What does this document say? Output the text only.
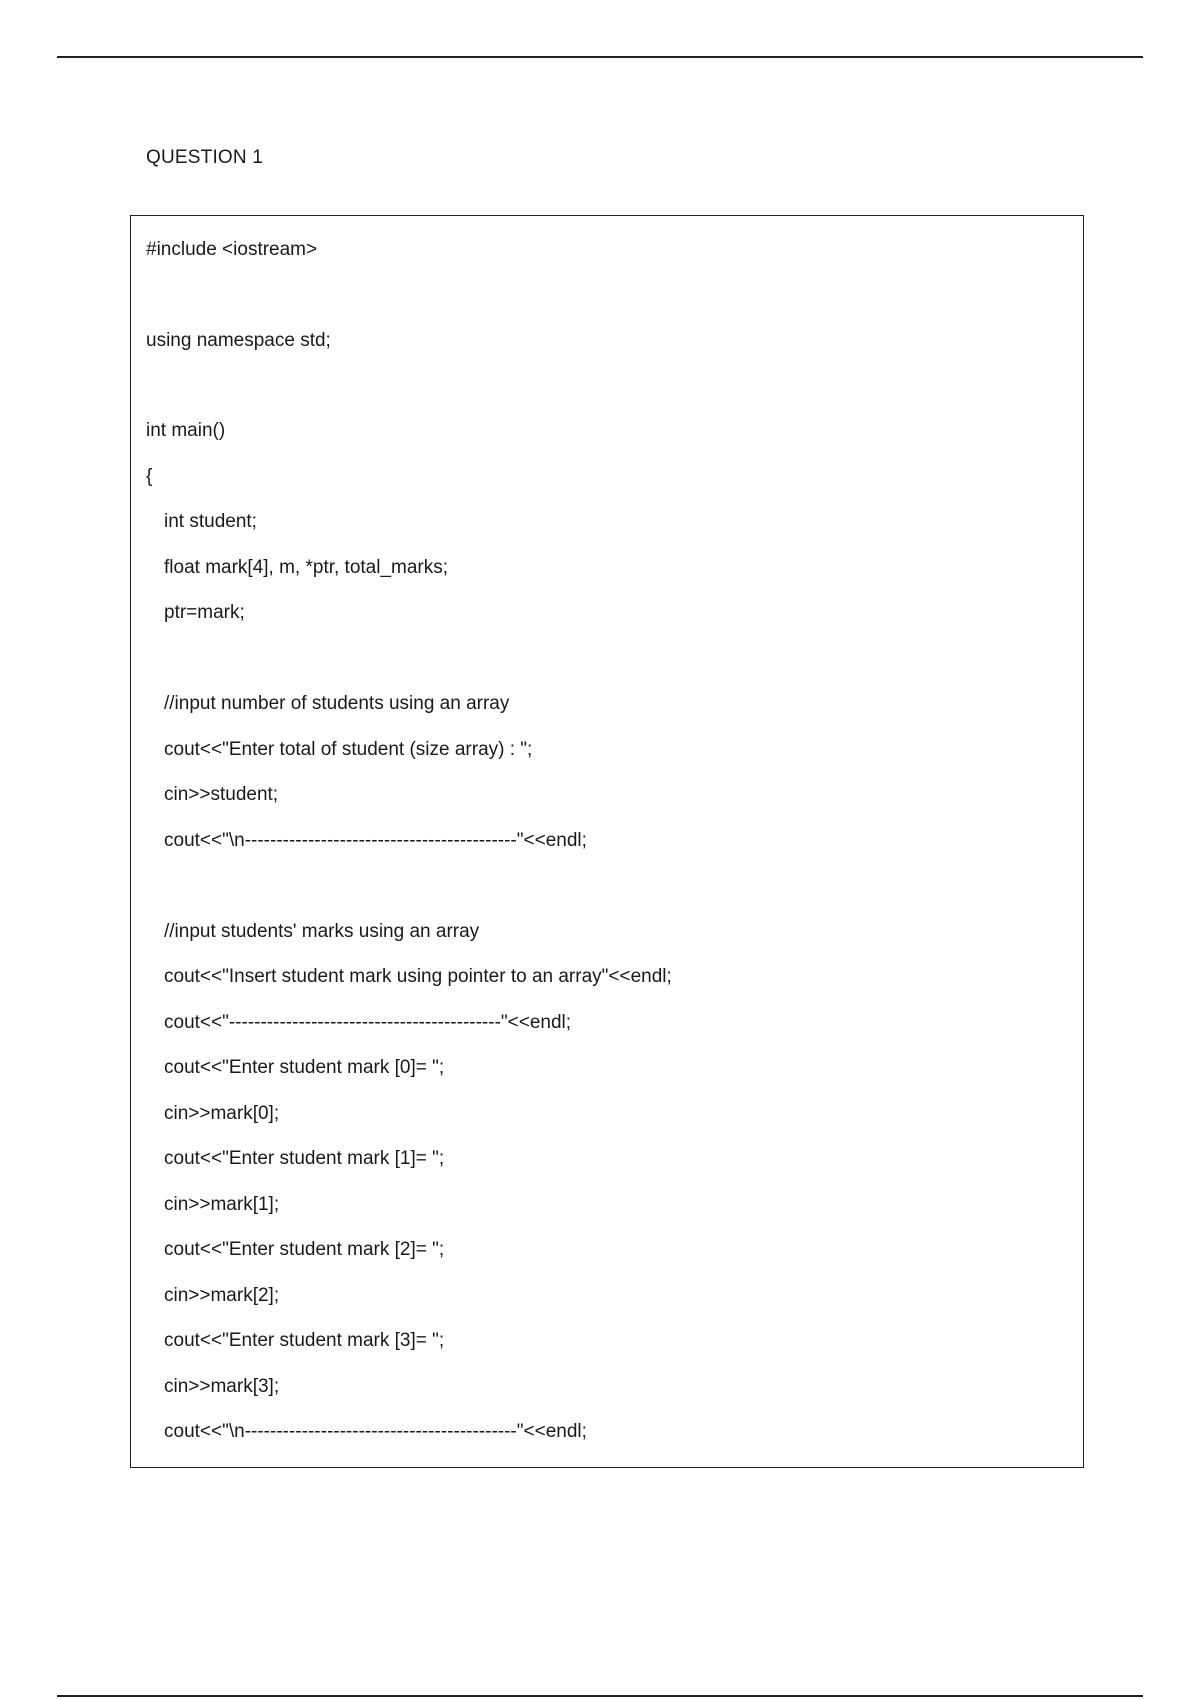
QUESTION 1
#include <iostream>
using namespace std;
int main()
{
int student;
float mark[4], m, *ptr, total_marks;
ptr=mark;
//input number of students using an array
cout<<"Enter total of student (size array) : ";
cin>>student;
cout<<"\n-------------------------------------------"<<endl;
//input students' marks using an array
cout<<"Insert student mark using pointer to an array"<<endl;
cout<<"-------------------------------------------"<<endl;
cout<<"Enter student mark [0]= ";
cin>>mark[0];
cout<<"Enter student mark [1]= ";
cin>>mark[1];
cout<<"Enter student mark [2]= ";
cin>>mark[2];
cout<<"Enter student mark [3]= ";
cin>>mark[3];
cout<<"\n-------------------------------------------"<<endl;
